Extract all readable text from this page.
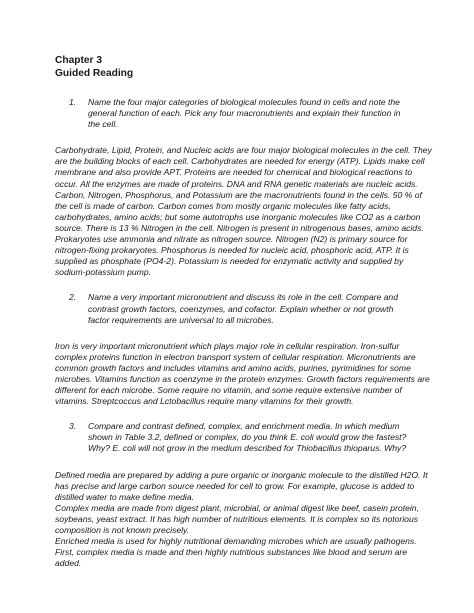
Chapter 3
Guided Reading
1. Name the four major categories of biological molecules found in cells and note the general function of each. Pick any four macronutrients and explain their function in the cell.

Carbohydrate, Lipid, Protein, and Nucleic acids are four major biological molecules in the cell. They are the building blocks of each cell. Carbohydrates are needed for energy (ATP). Lipids make cell membrane and also provide APT. Proteins are needed for chemical and biological reactions to occur. All the enzymes are made of proteins. DNA and RNA genetic materials are nucleic acids.

Carbon, Nitrogen, Phosphorus, and Potassium are the macronutrients found in the cells. 50 % of the cell is made of carbon. Carbon comes from mostly organic molecules like fatty acids, carbohydrates, amino acids; but some autotrophs use inorganic molecules like CO2 as a carbon source. There is 13 % Nitrogen in the cell. Nitrogen is present in nitrogenous bases, amino acids. Prokaryotes use ammonia and nitrate as nitrogen source. Nitrogen (N2) is primary source for nitrogen-fixing prokaryotes. Phosphorus is needed for nucleic acid, phosphoric acid, ATP. It is supplied as phosphate (PO4-2). Potassium is needed for enzymatic activity and supplied by sodium-potassium pump.

2. Name a very important micronutrient and discuss its role in the cell. Compare and contrast growth factors, coenzymes, and cofactor. Explain whether or not growth factor requirements are universal to all microbes.

Iron is very important micronutrient which plays major role in cellular respiration. Iron-sulfur complex proteins function in electron transport system of cellular respiration. Micronutrients are common growth factors and includes vitamins and amino acids, purines, pyrimidines for some microbes. Vitamins function as coenzyme in the protein enzymes. Growth factors requirements are different for each microbe. Some require no vitamin, and some require extensive number of vitamins. Streptcoccus and Lctobacillus require many vitamins for their growth.

3. Compare and contrast defined, complex, and enrichment media. In which medium shown in Table 3.2, defined or complex, do you think E. coli would grow the fastest? Why? E. coli will not grow in the medium described for Thiobacillus thioparus. Why?

Defined media are prepared by adding a pure organic or inorganic molecule to the distilled H2O. It has precise and large carbon source needed for cell to grow. For example, glucose is added to distilled water to make define media.

Complex media are made from digest plant, microbial, or animal digest like beef, casein protein, soybeans, yeast extract. It has high number of nutritious elements. It is complex so its notorious composition is not known precisely.

Enriched media is used for highly nutritional demanding microbes which are usually pathogens. First, complex media is made and then highly nutritious substances like blood and serum are added.
